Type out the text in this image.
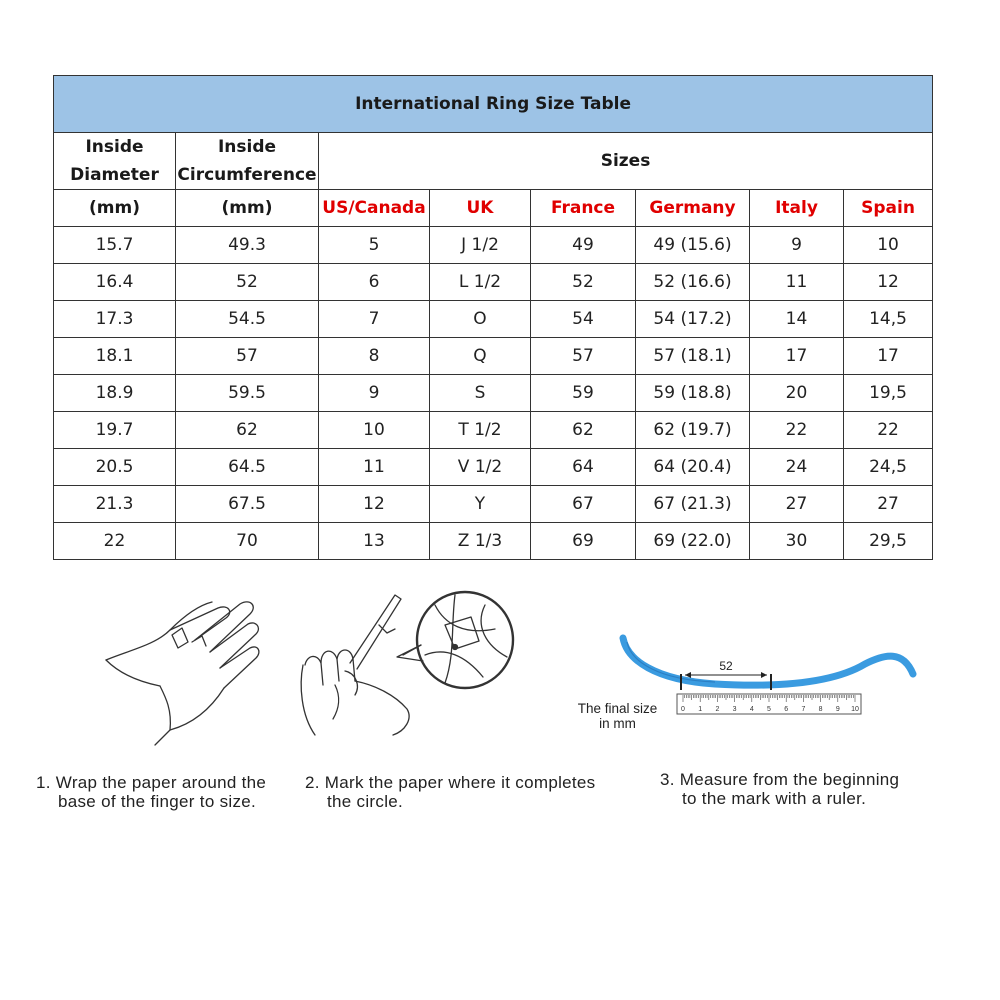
International Ring Size Table							
Inside
Diameter	Inside
Circumference	Sizes					
(mm)	(mm)	US/Canada	UK	France	Germany	Italy	Spain
15.7	49.3	5	J 1/2	49	49 (15.6)	9	10
16.4	52	6	L 1/2	52	52 (16.6)	11	12
17.3	54.5	7	O	54	54 (17.2)	14	14,5
18.1	57	8	Q	57	57 (18.1)	17	17
18.9	59.5	9	S	59	59 (18.8)	20	19,5
19.7	62	10	T 1/2	62	62 (19.7)	22	22
20.5	64.5	11	V 1/2	64	64 (20.4)	24	24,5
21.3	67.5	12	Y	67	67 (21.3)	27	27
22	70	13	Z 1/3	69	69 (22.0)	30	29,5
52
0 1 2 3 4 5 6 7 8 9 10
The final size
in mm
1. Wrap the paper around the
base of the finger to size.
2. Mark the paper where it completes
the circle.
3. Measure from the beginning
to the mark with a ruler.
